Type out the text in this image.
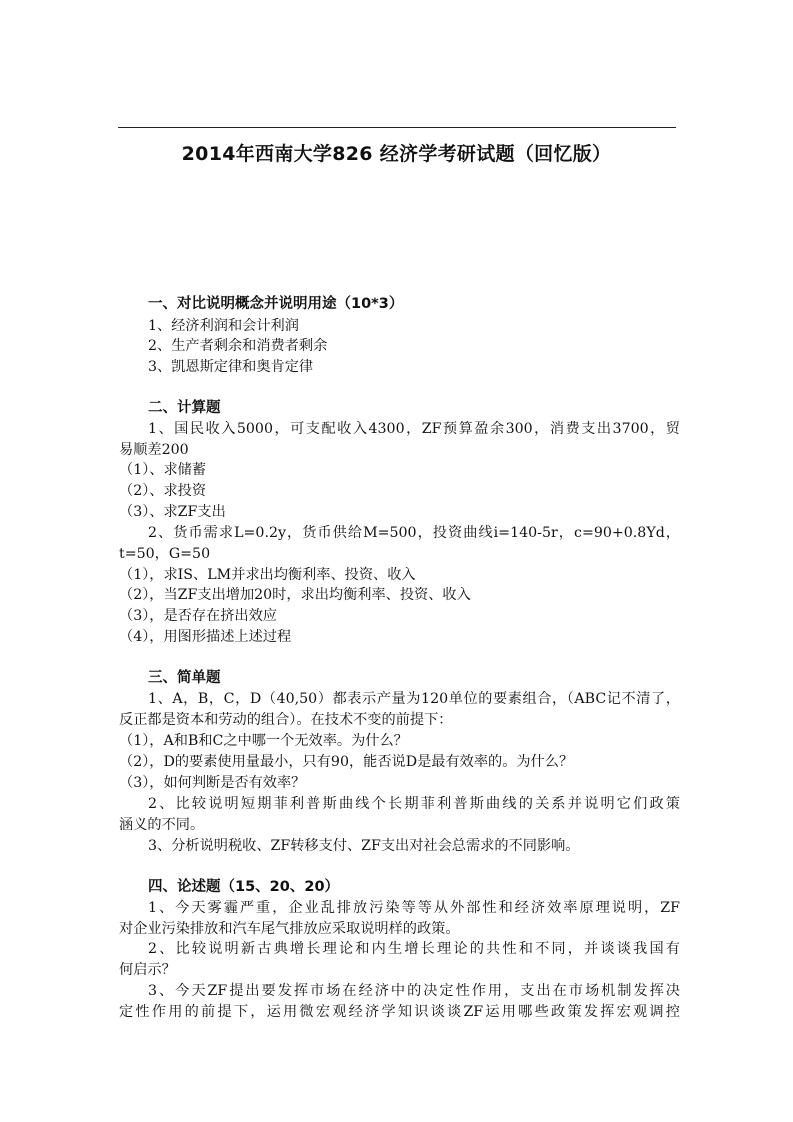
2014年西南大学826 经济学考研试题（回忆版）
一、对比说明概念并说明用途（10*3）
1、经济利润和会计利润
2、生产者剩余和消费者剩余
3、凯恩斯定律和奥肯定律
二、计算题
1、国民收入5000，可支配收入4300，ZF预算盈余300，消费支出3700，贸
易顺差200
（1）、求储蓄
（2）、求投资
（3）、求ZF支出
2、货币需求L=0.2y，货币供给M=500，投资曲线i=140-5r，c=90+0.8Yd，
t=50，G=50
（1），求IS、LM并求出均衡利率、投资、收入
（2），当ZF支出增加20时，求出均衡利率、投资、收入
（3），是否存在挤出效应
（4），用图形描述上述过程
三、简单题
1、A，B，C，D（40,50）都表示产量为120单位的要素组合，（ABC记不清了，
反正都是资本和劳动的组合）。在技术不变的前提下：
（1），A和B和C之中哪一个无效率。为什么？
（2），D的要素使用量最小，只有90，能否说D是最有效率的。为什么？
（3），如何判断是否有效率？
2、比较说明短期菲利普斯曲线个长期菲利普斯曲线的关系并说明它们政策
涵义的不同。
3、分析说明税收、ZF转移支付、ZF支出对社会总需求的不同影响。
四、论述题（15、20、20）
1、今天雾霾严重，企业乱排放污染等等从外部性和经济效率原理说明，ZF
对企业污染排放和汽车尾气排放应采取说明样的政策。
2、比较说明新古典增长理论和内生增长理论的共性和不同，并谈谈我国有
何启示？
3、今天ZF提出要发挥市场在经济中的决定性作用，支出在市场机制发挥决
定性作用的前提下，运用微宏观经济学知识谈谈ZF运用哪些政策发挥宏观调控
